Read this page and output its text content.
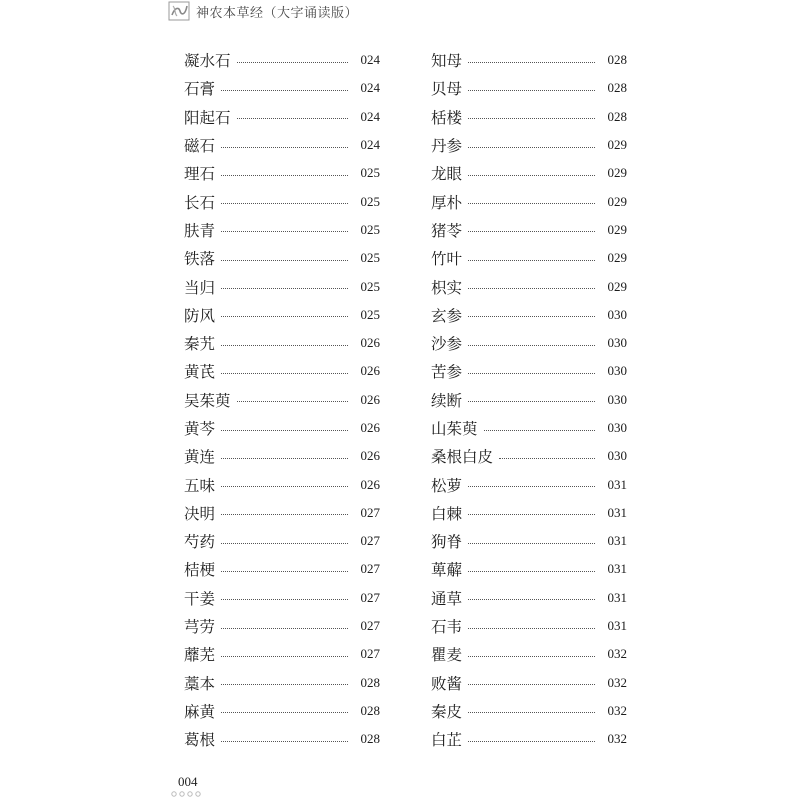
神农本草经（大字诵读版）
凝水石	024
石膏	024
阳起石	024
磁石	024
理石	025
长石	025
肤青	025
铁落	025
当归	025
防风	025
秦艽	026
黄芪	026
吴茱萸	026
黄芩	026
黄连	026
五味	026
决明	027
芍药	027
桔梗	027
干姜	027
芎劳	027
蘼芜	027
藁本	028
麻黄	028
葛根	028
知母	028
贝母	028
栝楼	028
丹参	029
龙眼	029
厚朴	029
猪苓	029
竹叶	029
枳实	029
玄参	030
沙参	030
苦参	030
续断	030
山茱萸	030
桑根白皮	030
松萝	031
白棘	031
狗脊	031
萆薢	031
通草	031
石韦	031
瞿麦	032
败酱	032
秦皮	032
白芷	032
004
